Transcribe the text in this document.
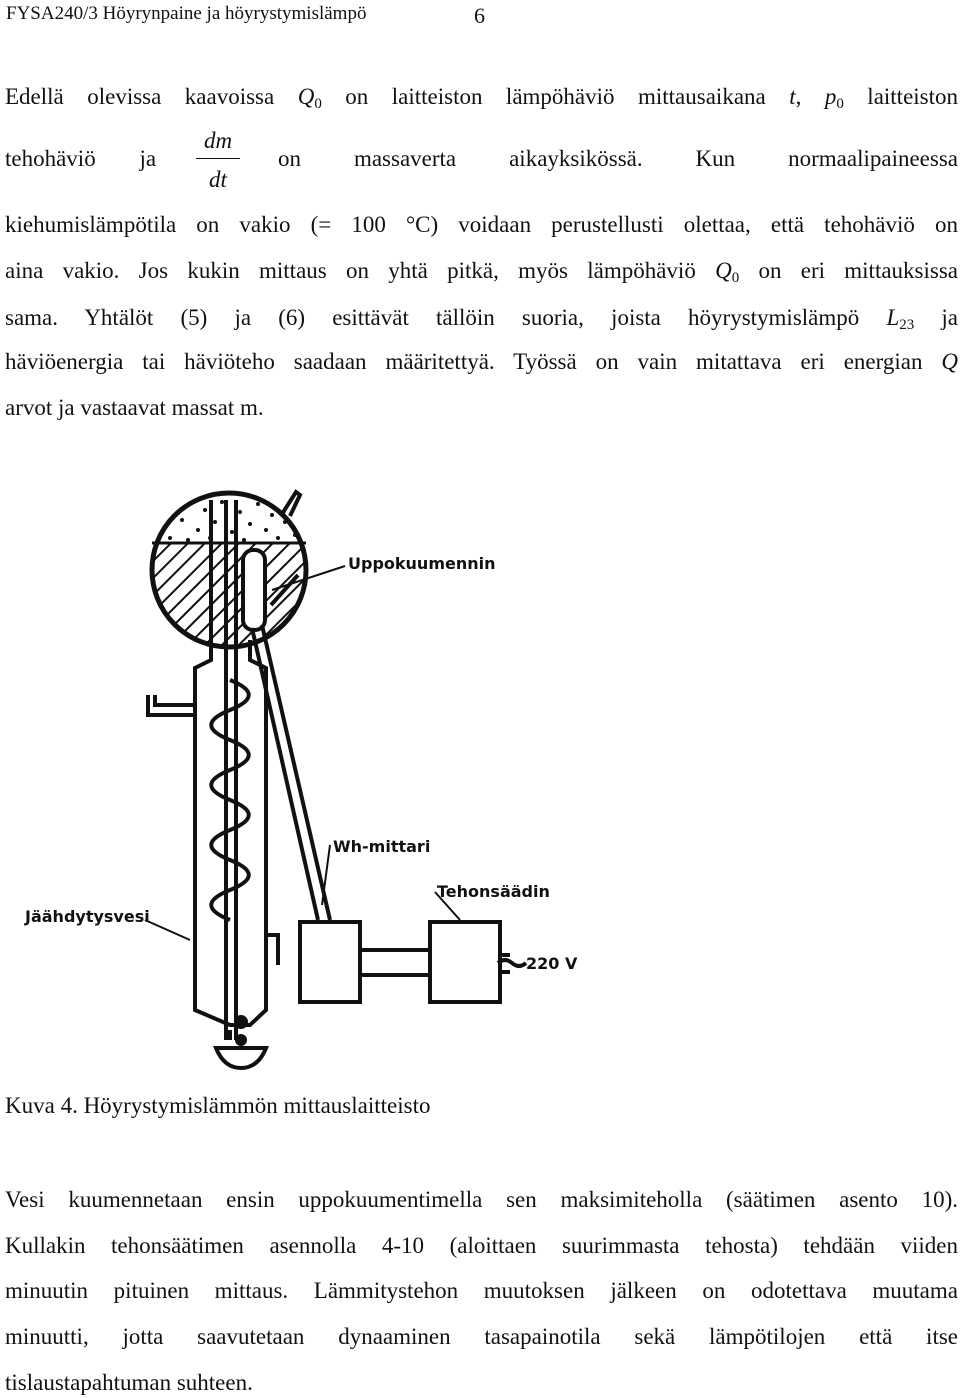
FYSA240/3 Höyrynpaine ja höyrystymislämpö	6
Edellä olevissa kaavoissa $Q_0$ on laitteiston lämpöhäviö mittausaikana t, $p_0$ laitteiston
tehohäviö ja
dm
dt
on massaverta aikayksikössä. Kun normaalipaineessa
kiehumislämpötila on vakio (= 100 °C) voidaan perustellusti olettaa, että tehohäviö on
aina vakio. Jos kukin mittaus on yhtä pitkä, myös lämpöhäviö $Q_0$ on eri mittauksissa
sama. Yhtälöt (5) ja (6) esittävät tällöin suoria, joista höyrystymislämpö $L_{23}$ ja
häviöenergia tai häviöteho saadaan määritettyä. Työssä on vain mitattava eri energian Q
arvot ja vastaavat massat m.
Uppokuumennin
Wh-mittari
Tehonsäädin
Jäähdytysvesi
220 V
Kuva 4. Höyrystymislämmön mittauslaitteisto
Vesi kuumennetaan ensin uppokuumentimella sen maksimiteholla (säätimen asento 10).
Kullakin tehonsäätimen asennolla 4-10 (aloittaen suurimmasta tehosta) tehdään viiden
minuutin pituinen mittaus. Lämmitystehon muutoksen jälkeen on odotettava muutama
minuutti, jotta saavutetaan dynaaminen tasapainotila sekä lämpötilojen että itse
tislaustapahtuman suhteen.
